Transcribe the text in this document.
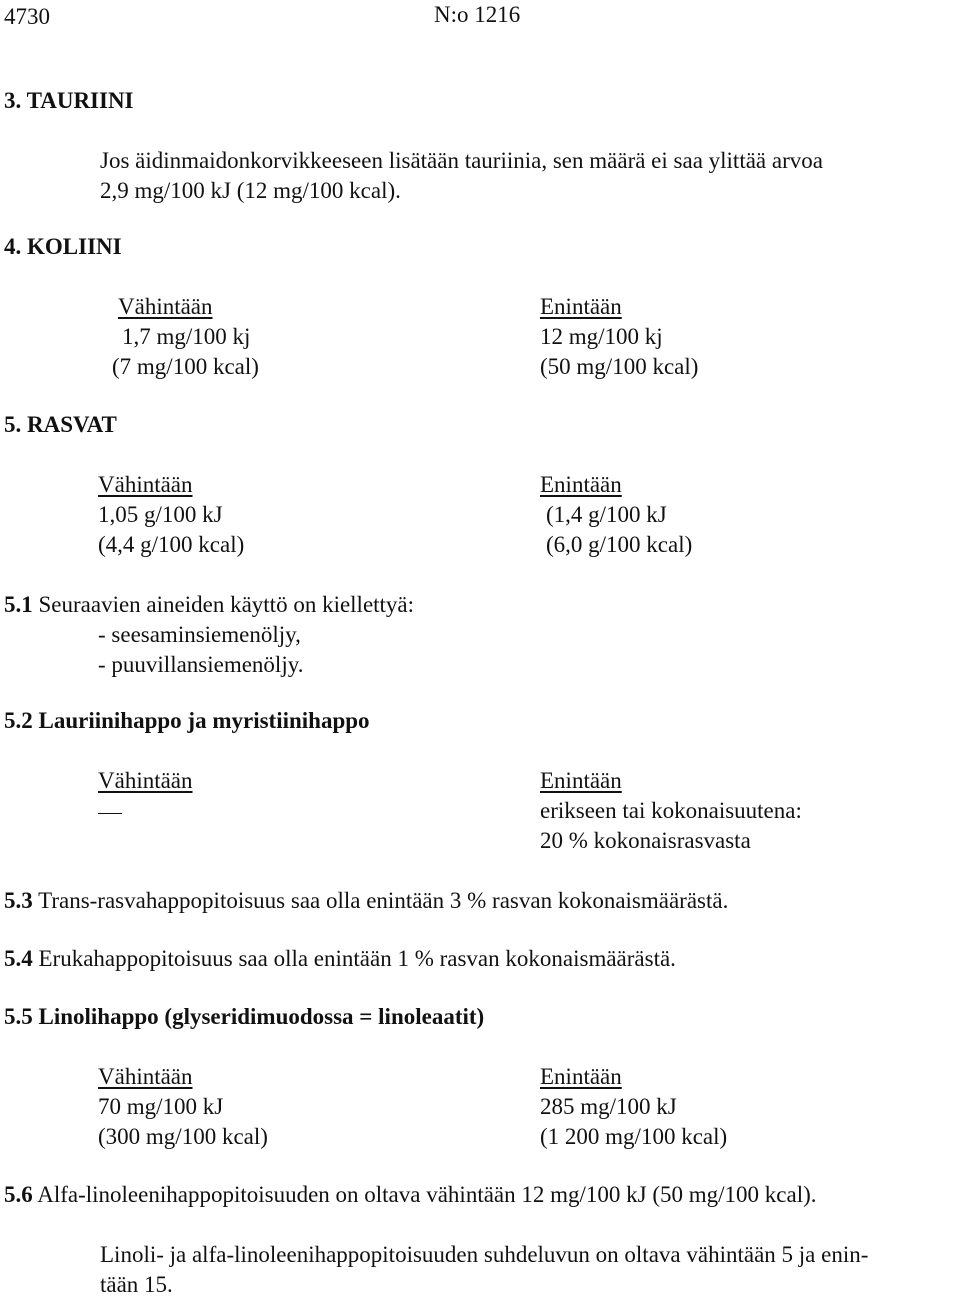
4730	N:o 1216
3. TAURIINI
Jos äidinmaidonkorvikkeeseen lisätään tauriinia, sen määrä ei saa ylittää arvoa
2,9 mg/100 kJ (12 mg/100 kcal).
4. KOLIINI
Vähintään
1,7 mg/100 kj
(7 mg/100 kcal)
Enintään
12 mg/100 kj
(50 mg/100 kcal)
5. RASVAT
Vähintään
1,05 g/100 kJ
(4,4 g/100 kcal)
Enintään
(1,4 g/100 kJ
(6,0 g/100 kcal)
5.1 Seuraavien aineiden käyttö on kiellettyä:
- seesaminsiemenöljy,
- puuvillansiemenöljy.
5.2 Lauriinihappo ja myristiinihappo
Vähintään	Enintään
erikseen tai kokonaisuutena:
20 % kokonaisrasvasta
5.3 Trans-rasvahappopitoisuus saa olla enintään 3 % rasvan kokonaismäärästä.
5.4 Erukahappopitoisuus saa olla enintään 1 % rasvan kokonaismäärästä.
5.5 Linolihappo (glyseridimuodossa = linoleaatit)
Vähintään
70 mg/100 kJ
(300 mg/100 kcal)
Enintään
285 mg/100 kJ
(1 200 mg/100 kcal)
5.6 Alfa-linoleenihappopitoisuuden on oltava vähintään 12 mg/100 kJ (50 mg/100 kcal).
Linoli- ja alfa-linoleenihappopitoisuuden suhdeluvun on oltava vähintään 5 ja enin-
tään 15.
